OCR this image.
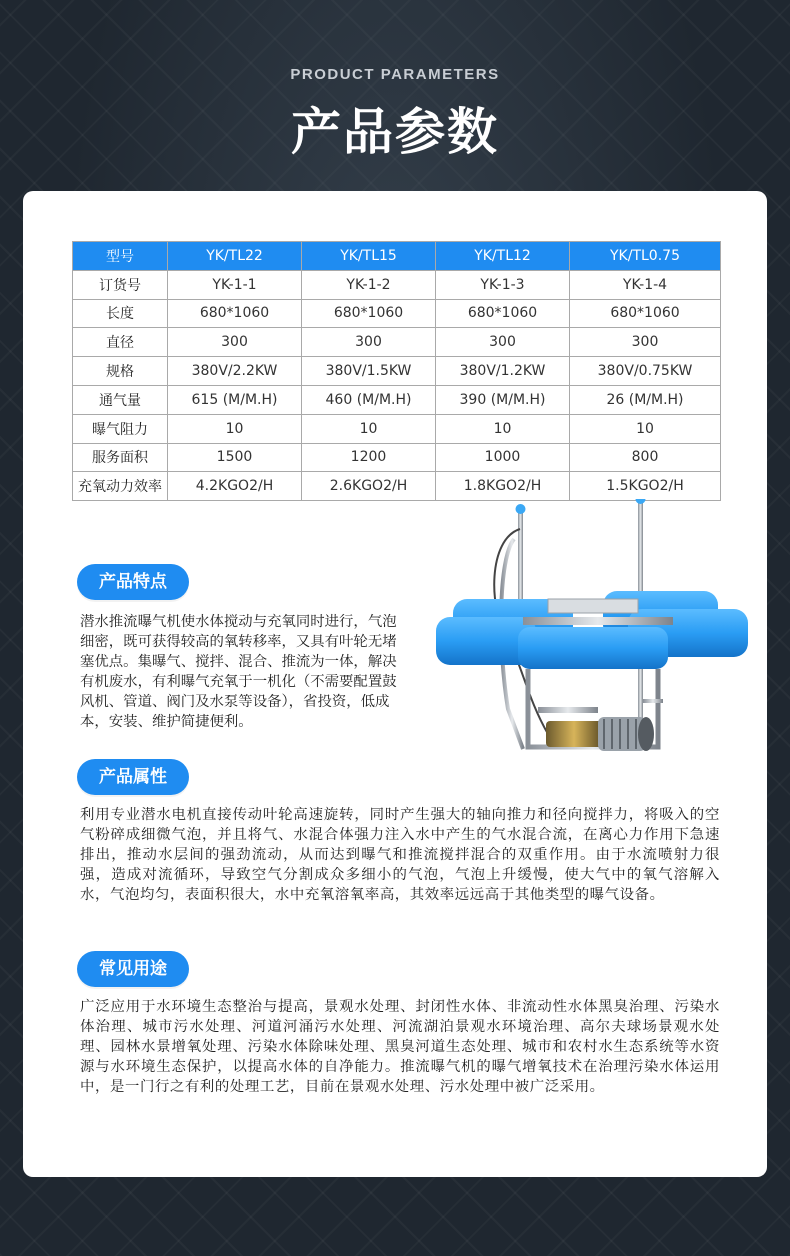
PRODUCT PARAMETERS
产品参数
型号	YK/TL22	YK/TL15	YK/TL12	YK/TL0.75
订货号	YK-1-1	YK-1-2	YK-1-3	YK-1-4
长度	680*1060	680*1060	680*1060	680*1060
直径	300	300	300	300
规格	380V/2.2KW	380V/1.5KW	380V/1.2KW	380V/0.75KW
通气量	615 (M/M.H)	460 (M/M.H)	390 (M/M.H)	26 (M/M.H)
曝气阻力	10	10	10	10
服务面积	1500	1200	1000	800
充氧动力效率	4.2KGO2/H	2.6KGO2/H	1.8KGO2/H	1.5KGO2/H
产品特点
潜水推流曝气机使水体搅动与充氧同时进行，气泡细密，既可获得较高的氧转移率，又具有叶轮无堵塞优点。集曝气、搅拌、混合、推流为一体，解决有机废水，有利曝气充氧于一机化（不需要配置鼓风机、管道、阀门及水泵等设备），省投资，低成本，安装、维护简捷便利。
产品属性
利用专业潜水电机直接传动叶轮高速旋转，同时产生强大的轴向推力和径向搅拌力，将吸入的空气粉碎成细微气泡，并且将气、水混合体强力注入水中产生的气水混合流，在离心力作用下急速排出，推动水层间的强劲流动，从而达到曝气和推流搅拌混合的双重作用。由于水流喷射力很强，造成对流循环，导致空气分割成众多细小的气泡，气泡上升缓慢，使大气中的氧气溶解入水，气泡均匀，表面积很大，水中充氧溶氧率高，其效率远远高于其他类型的曝气设备。
常见用途
广泛应用于水环境生态整治与提高，景观水处理、封闭性水体、非流动性水体黑臭治理、污染水体治理、城市污水处理、河道河涌污水处理、河流湖泊景观水环境治理、高尔夫球场景观水处理、园林水景增氧处理、污染水体除味处理、黑臭河道生态处理、城市和农村水生态系统等水资源与水环境生态保护，以提高水体的自净能力。推流曝气机的曝气增氧技术在治理污染水体运用中，是一门行之有利的处理工艺，目前在景观水处理、污水处理中被广泛采用。
